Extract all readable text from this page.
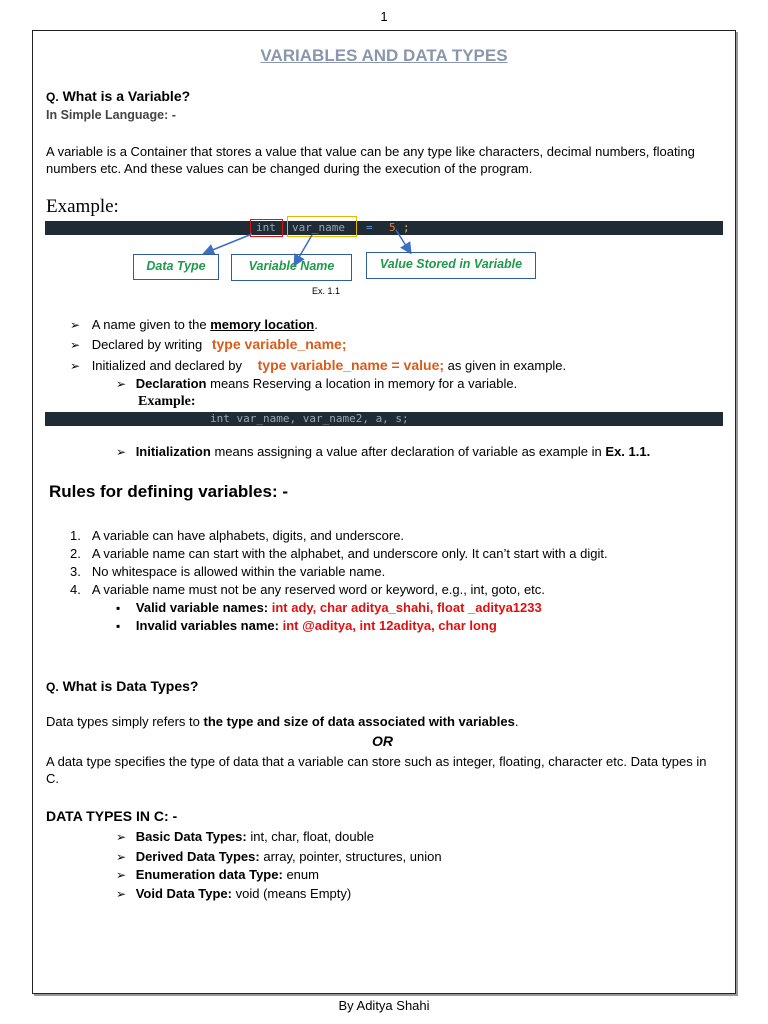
1
VARIABLES AND DATA TYPES
Q. What is a Variable?
In Simple Language: -
A variable is a Container that stores a value that value can be any type like characters, decimal numbers, floating numbers etc. And these values can be changed during the execution of the program.
Example:
int var_name = 5 ;
Data Type	Variable Name	Value Stored in Variable
Ex. 1.1
➢ A name given to the memory location.
➢ Declared by writing type variable_name;
➢ Initialized and declared by type variable_name = value; as given in example.
➢ Declaration means Reserving a location in memory for a variable.
Example:
int var_name, var_name2, a, s;
➢ Initialization means assigning a value after declaration of variable as example in Ex. 1.1.
Rules for defining variables: -
1. A variable can have alphabets, digits, and underscore.
2. A variable name can start with the alphabet, and underscore only. It can’t start with a digit.
3. No whitespace is allowed within the variable name.
4. A variable name must not be any reserved word or keyword, e.g., int, goto, etc.
▪ Valid variable names: int ady, char aditya_shahi, float _aditya1233
▪ Invalid variables name: int @aditya, int 12aditya, char long
Q. What is Data Types?
Data types simply refers to the type and size of data associated with variables.
OR
A data type specifies the type of data that a variable can store such as integer, floating, character etc. Data types in C.
DATA TYPES IN C: -
➢ Basic Data Types: int, char, float, double
➢ Derived Data Types: array, pointer, structures, union
➢ Enumeration data Type: enum
➢ Void Data Type: void (means Empty)
By Aditya Shahi
